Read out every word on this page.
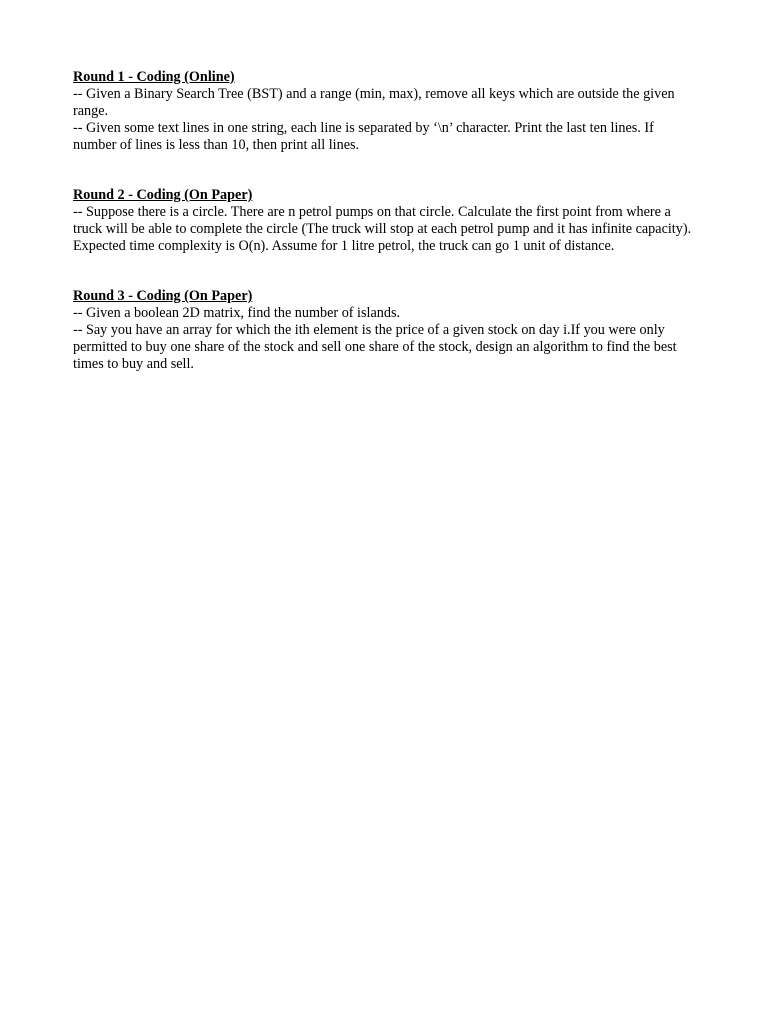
Round 1 - Coding (Online)

-- Given a Binary Search Tree (BST) and a range (min, max), remove all keys which are outside the given range.

-- Given some text lines in one string, each line is separated by ‘\n’ character. Print the last ten lines. If number of lines is less than 10, then print all lines.

Round 2 - Coding (On Paper)

-- Suppose there is a circle. There are n petrol pumps on that circle. Calculate the first point from where a truck will be able to complete the circle (The truck will stop at each petrol pump and it has infinite capacity). Expected time complexity is O(n). Assume for 1 litre petrol, the truck can go 1 unit of distance.

Round 3 - Coding (On Paper)

-- Given a boolean 2D matrix, find the number of islands.

-- Say you have an array for which the ith element is the price of a given stock on day i.If you were only permitted to buy one share of the stock and sell one share of the stock, design an algorithm to find the best times to buy and sell.
